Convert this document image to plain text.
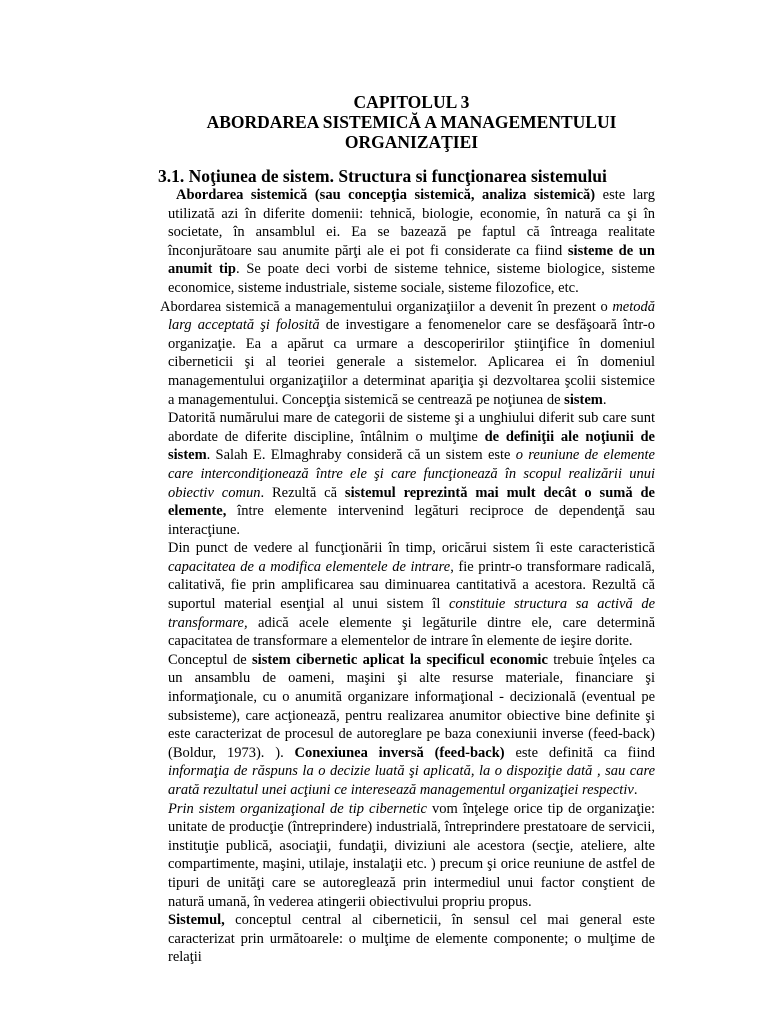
CAPITOLUL 3
ABORDAREA SISTEMICĂ A MANAGEMENTULUI
ORGANIZAŢIEI
3.1. Noţiunea de sistem. Structura si funcţionarea sistemului

Abordarea sistemică (sau concepţia sistemică, analiza sistemică) este larg utilizată azi în diferite domenii: tehnică, biologie, economie, în natură ca şi în societate, în ansamblul ei. Ea se bazează pe faptul că întreaga realitate înconjurătoare sau anumite părţi ale ei pot fi considerate ca fiind sisteme de un anumit tip. Se poate deci vorbi de sisteme tehnice, sisteme biologice, sisteme economice, sisteme industriale, sisteme sociale, sisteme filozofice, etc.

Abordarea sistemică a managementului organizaţiilor a devenit în prezent o metodă larg acceptată şi folosită de investigare a fenomenelor care se desfăşoară într-o organizaţie. Ea a apărut ca urmare a descoperirilor ştiinţifice în domeniul ciberneticii şi al teoriei generale a sistemelor. Aplicarea ei în domeniul managementului organizaţiilor a determinat apariţia şi dezvoltarea şcolii sistemice a managementului. Concepţia sistemică se centrează pe noţiunea de sistem.

Datorită numărului mare de categorii de sisteme şi a unghiului diferit sub care sunt abordate de diferite discipline, întâlnim o mulţime de definiţii ale noţiunii de sistem. Salah E. Elmaghraby consideră că un sistem este o reuniune de elemente care intercondiţionează între ele şi care funcţionează în scopul realizării unui obiectiv comun. Rezultă că sistemul reprezintă mai mult decât o sumă de elemente, între elemente intervenind legături reciproce de dependenţă sau interacţiune.

Din punct de vedere al funcţionării în timp, oricărui sistem îi este caracteristică capacitatea de a modifica elementele de intrare, fie printr-o transformare radicală, calitativă, fie prin amplificarea sau diminuarea cantitativă a acestora. Rezultă că suportul material esenţial al unui sistem îl constituie structura sa activă de transformare, adică acele elemente şi legăturile dintre ele, care determină capacitatea de transformare a elementelor de intrare în elemente de ieşire dorite.

Conceptul de sistem cibernetic aplicat la specificul economic trebuie înţeles ca un ansamblu de oameni, maşini şi alte resurse materiale, financiare şi informaţionale, cu o anumită organizare informaţional - decizională (eventual pe subsisteme), care acţionează, pentru realizarea anumitor obiective bine definite şi este caracterizat de procesul de autoreglare pe baza conexiunii inverse (feed-back) (Boldur, 1973). ). Conexiunea inversă (feed-back) este definită ca fiind informaţia de răspuns la o decizie luată şi aplicată, la o dispoziţie dată , sau care arată rezultatul unei acţiuni ce interesează managementul organizaţiei respectiv.

Prin sistem organizaţional de tip cibernetic vom înţelege orice tip de organizaţie: unitate de producţie (întreprindere) industrială, întreprindere prestatoare de servicii, instituţie publică, asociaţii, fundaţii, diviziuni ale acestora (secţie, ateliere, alte compartimente, maşini, utilaje, instalaţii etc. ) precum şi orice reuniune de astfel de tipuri de unităţi care se autoreglează prin intermediul unui factor conştient de natură umană, în vederea atingerii obiectivului propriu propus.

Sistemul, conceptul central al ciberneticii, în sensul cel mai general este caracterizat prin următoarele: o mulţime de elemente componente; o mulţime de relaţii
